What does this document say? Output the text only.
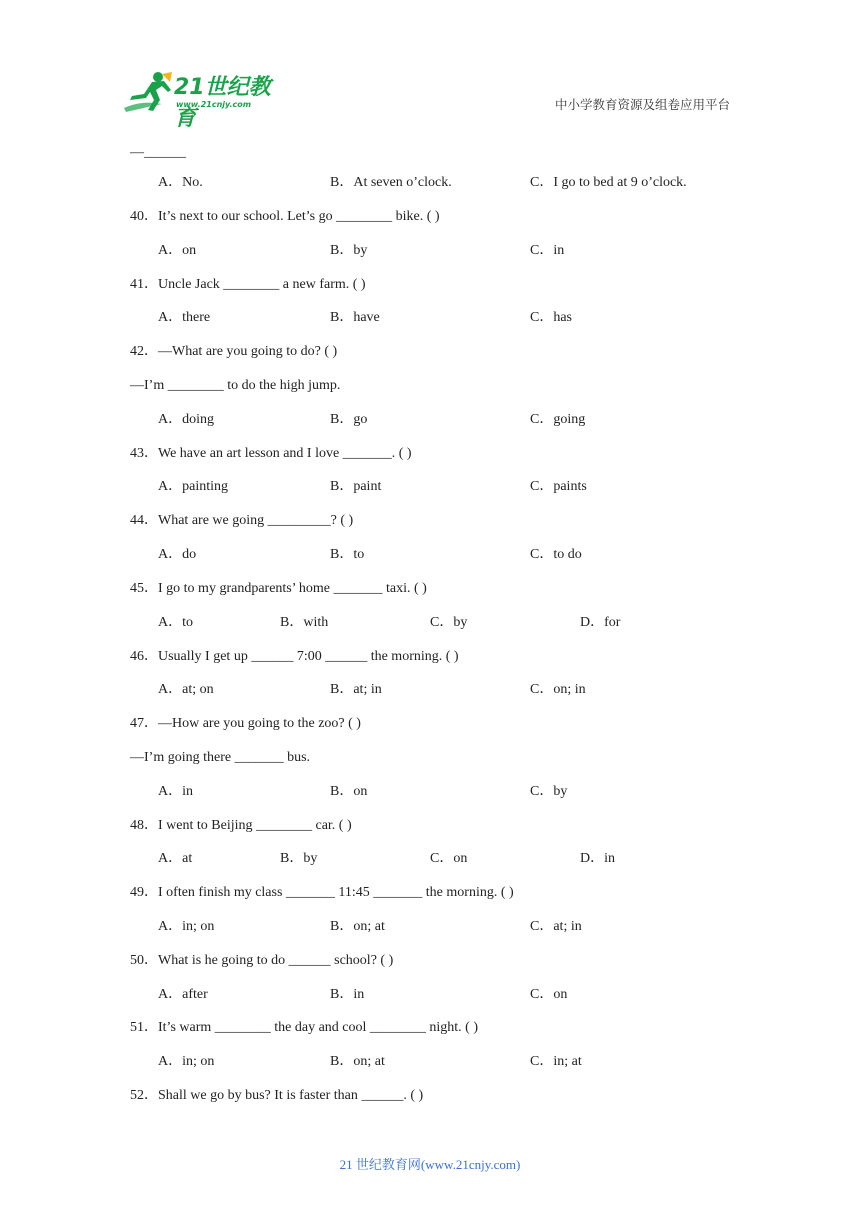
21世纪教育
www.21cnjy.com	中小学教育资源及组卷应用平台
—______
A．No.	B．At seven o’clock.	C．I go to bed at 9 o’clock.
40．It’s next to our school. Let’s go ________ bike. ( )
A．on	B．by	C．in
41．Uncle Jack ________ a new farm. ( )
A．there	B．have	C．has
42．—What are you going to do? ( )
—I’m ________ to do the high jump.
A．doing	B．go	C．going
43．We have an art lesson and I love _______. ( )
A．painting	B．paint	C．paints
44．What are we going _________? ( )
A．do	B．to	C．to do
45．I go to my grandparents’ home _______ taxi. ( )
A．to	B．with	C．by	D．for
46．Usually I get up ______ 7:00 ______ the morning. ( )
A．at; on	B．at; in	C．on; in
47．—How are you going to the zoo? ( )
—I’m going there _______ bus.
A．in	B．on	C．by
48．I went to Beijing ________ car. ( )
A．at	B．by	C．on	D．in
49．I often finish my class _______ 11:45 _______ the morning. ( )
A．in; on	B．on; at	C．at; in
50．What is he going to do ______ school? ( )
A．after	B．in	C．on
51．It’s warm ________ the day and cool ________ night. ( )
A．in; on	B．on; at	C．in; at
52．Shall we go by bus? It is faster than ______. ( )
21 世纪教育网(www.21cnjy.com)
